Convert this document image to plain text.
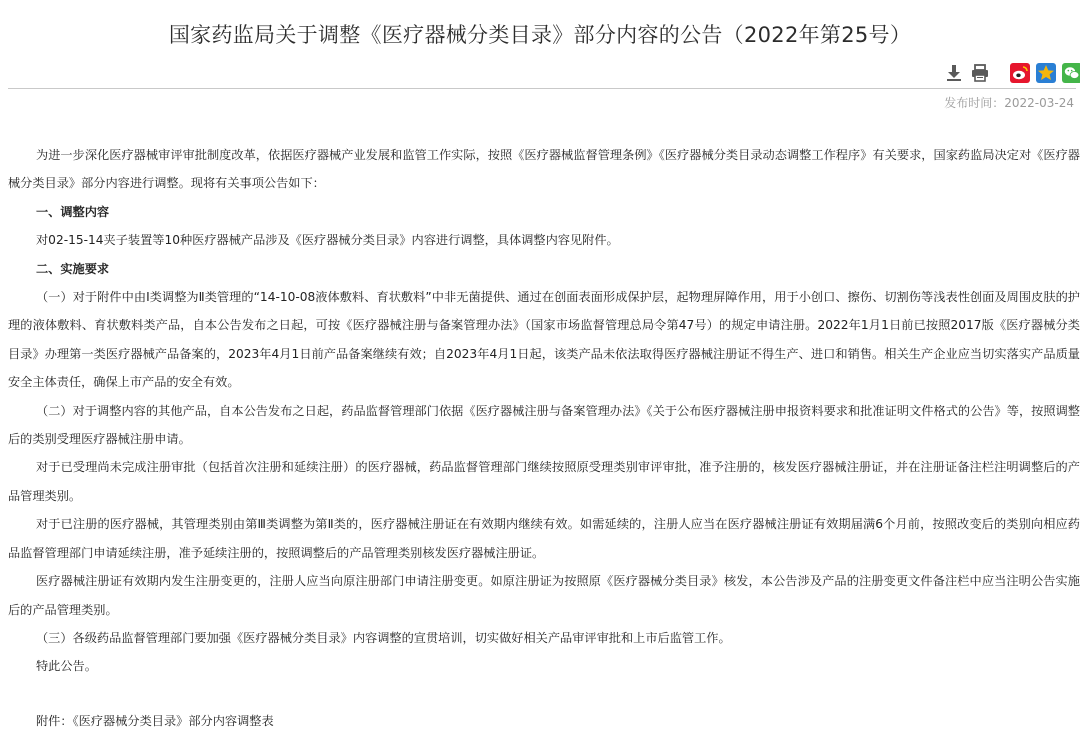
国家药监局关于调整《医疗器械分类目录》部分内容的公告（2022年第25号）
发布时间：2022-03-24

为进一步深化医疗器械审评审批制度改革，依据医疗器械产业发展和监管工作实际，按照《医疗器械监督管理条例》《医疗器械分类目录动态调整工作程序》有关要求，国家药监局决定对《医疗器械分类目录》部分内容进行调整。现将有关事项公告如下：

一、调整内容

对02-15-14夹子装置等10种医疗器械产品涉及《医疗器械分类目录》内容进行调整，具体调整内容见附件。

二、实施要求

（一）对于附件中由Ⅰ类调整为Ⅱ类管理的“14-10-08液体敷料、育状敷料”中非无菌提供、通过在创面表面形成保护层，起物理屏障作用，用于小创口、擦伤、切割伤等浅表性创面及周围皮肤的护理的液体敷料、育状敷料类产品，自本公告发布之日起，可按《医疗器械注册与备案管理办法》（国家市场监督管理总局令第47号）的规定申请注册。2022年1月1日前已按照2017版《医疗器械分类目录》办理第一类医疗器械产品备案的，2023年4月1日前产品备案继续有效；自2023年4月1日起，该类产品未依法取得医疗器械注册证不得生产、进口和销售。相关生产企业应当切实落实产品质量安全主体责任，确保上市产品的安全有效。

（二）对于调整内容的其他产品，自本公告发布之日起，药品监督管理部门依据《医疗器械注册与备案管理办法》《关于公布医疗器械注册申报资料要求和批准证明文件格式的公告》等，按照调整后的类别受理医疗器械注册申请。

对于已受理尚未完成注册审批（包括首次注册和延续注册）的医疗器械，药品监督管理部门继续按照原受理类别审评审批，准予注册的，核发医疗器械注册证，并在注册证备注栏注明调整后的产品管理类别。

对于已注册的医疗器械，其管理类别由第Ⅲ类调整为第Ⅱ类的，医疗器械注册证在有效期内继续有效。如需延续的，注册人应当在医疗器械注册证有效期届满6个月前，按照改变后的类别向相应药品监督管理部门申请延续注册，准予延续注册的，按照调整后的产品管理类别核发医疗器械注册证。

医疗器械注册证有效期内发生注册变更的，注册人应当向原注册部门申请注册变更。如原注册证为按照原《医疗器械分类目录》核发，本公告涉及产品的注册变更文件备注栏中应当注明公告实施后的产品管理类别。

（三）各级药品监督管理部门要加强《医疗器械分类目录》内容调整的宣贯培训，切实做好相关产品审评审批和上市后监管工作。

特此公告。

附件：《医疗器械分类目录》部分内容调整表
